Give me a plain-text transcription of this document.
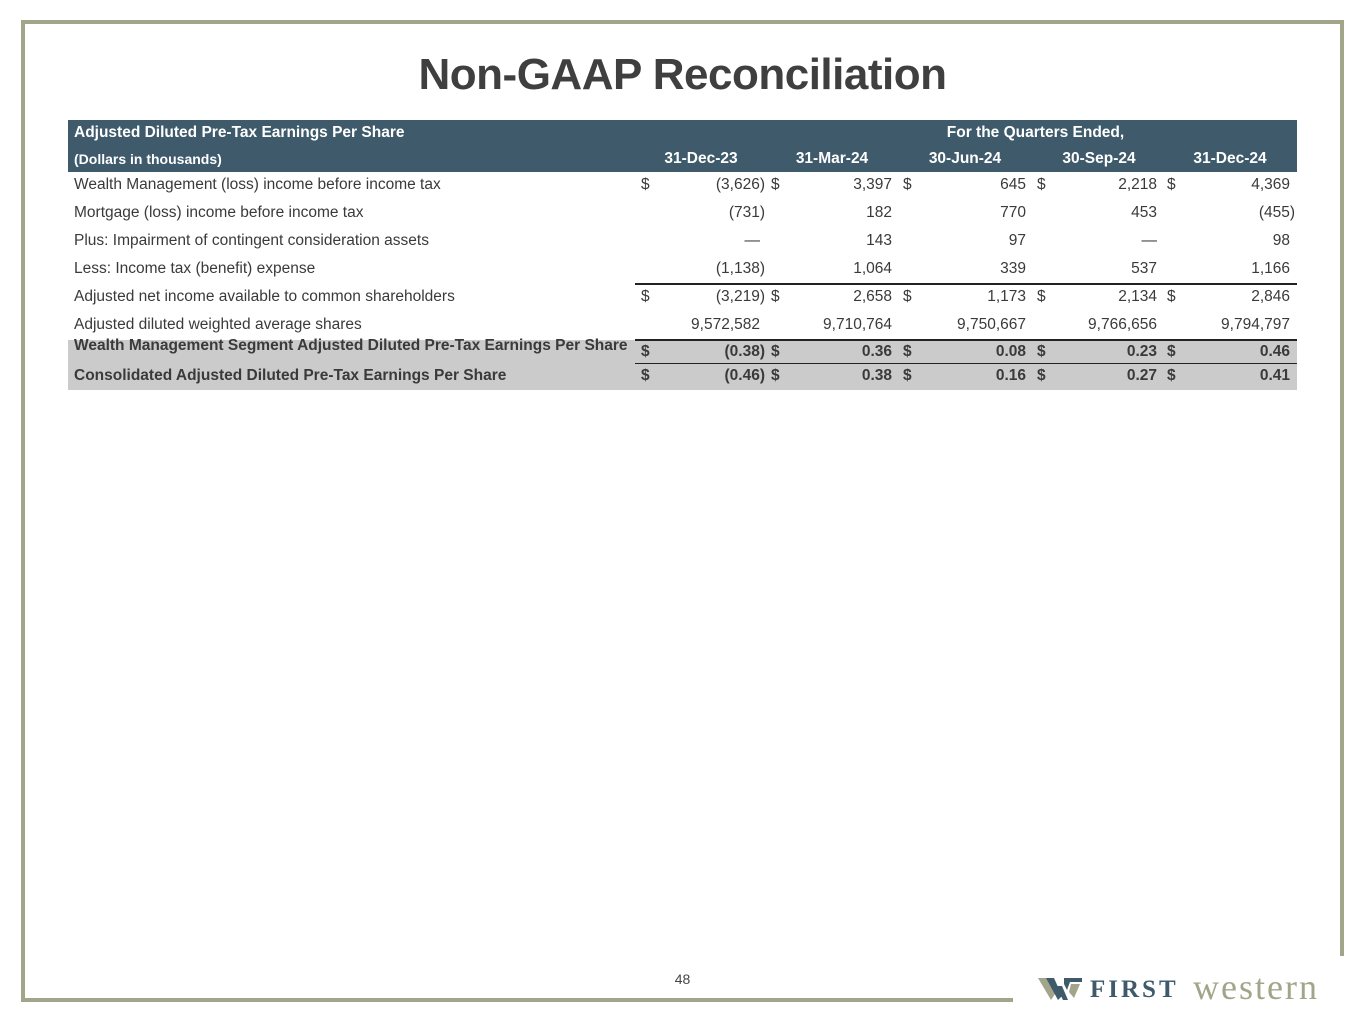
Non-GAAP Reconciliation
Adjusted Diluted Pre-Tax Earnings Per Share	For the Quarters Ended,
(Dollars in thousands)	31-Dec-23	31-Mar-24	30-Jun-24	30-Sep-24	31-Dec-24
Wealth Management (loss) income before income tax	$	(3,626) $	3,397 $	645 $	2,218 $	4,369
Mortgage (loss) income before income tax	(731)	182	770	453	(455)
Plus: Impairment of contingent consideration assets	—	143	97	—	98
Less: Income tax (benefit) expense	(1,138)	1,064	339	537	1,166
Adjusted net income available to common shareholders	$	(3,219) $	2,658 $	1,173 $	2,134 $	2,846
Adjusted diluted weighted average shares	9,572,582	9,710,764	9,750,667	9,766,656	9,794,797
Wealth Management Segment Adjusted Diluted Pre-Tax Earnings Per Share $	(0.38) $	0.36 $	0.08 $	0.23 $	0.46
Consolidated Adjusted Diluted Pre-Tax Earnings Per Share	$	(0.46) $	0.38 $	0.16 $	0.27 $	0.41
48	FIRST western
